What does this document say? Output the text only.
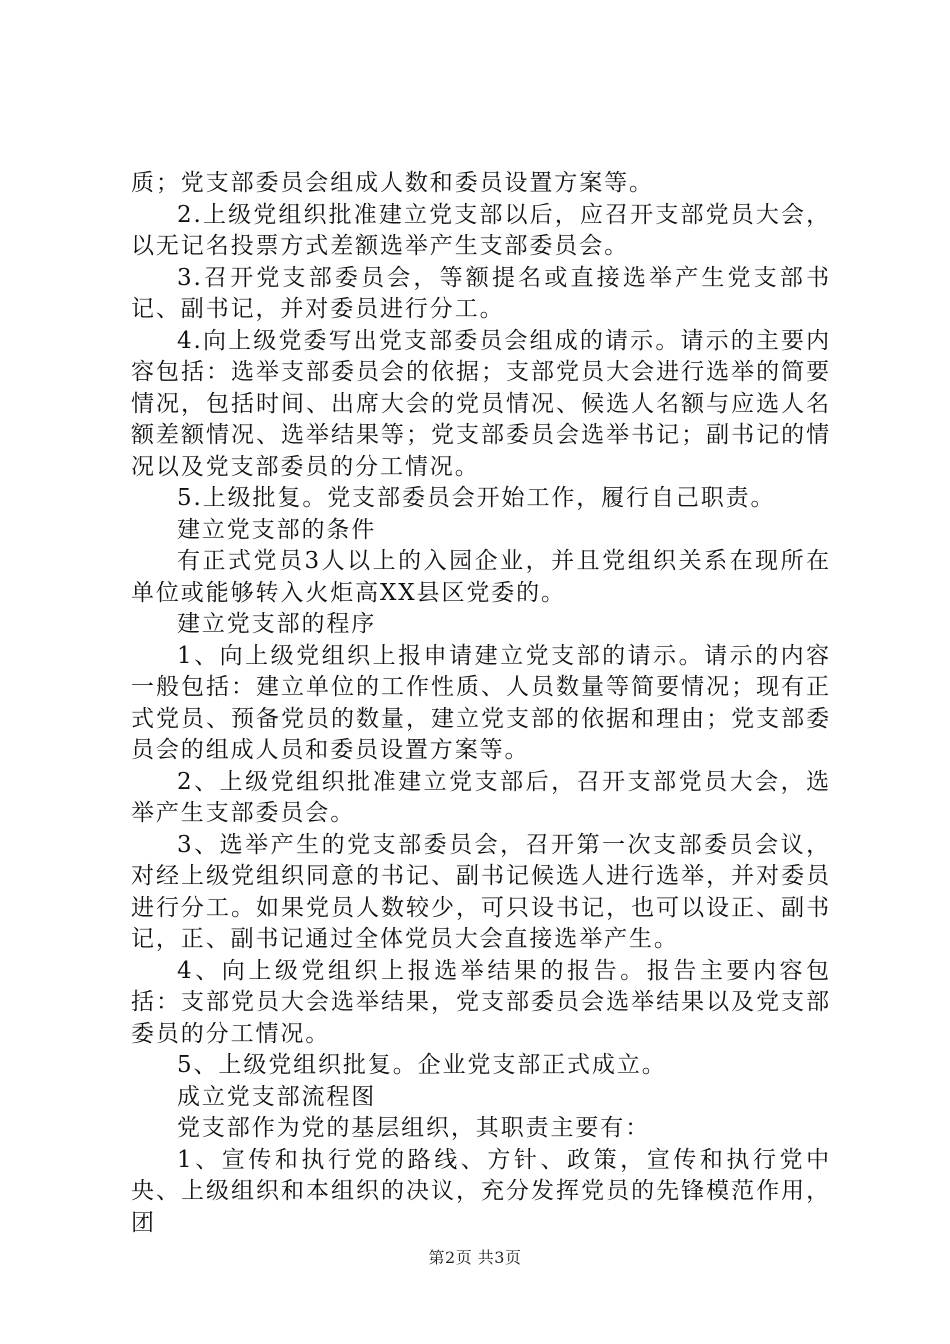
质；党支部委员会组成人数和委员设置方案等。

2.上级党组织批准建立党支部以后，应召开支部党员大会，以无记名投票方式差额选举产生支部委员会。

3.召开党支部委员会，等额提名或直接选举产生党支部书记、副书记，并对委员进行分工。

4.向上级党委写出党支部委员会组成的请示。请示的主要内容包括：选举支部委员会的依据；支部党员大会进行选举的简要情况，包括时间、出席大会的党员情况、候选人名额与应选人名额差额情况、选举结果等；党支部委员会选举书记；副书记的情况以及党支部委员的分工情况。

5.上级批复。党支部委员会开始工作，履行自己职责。

建立党支部的条件

有正式党员3人以上的入园企业，并且党组织关系在现所在单位或能够转入火炬高XX县区党委的。

建立党支部的程序

1、向上级党组织上报申请建立党支部的请示。请示的内容一般包括：建立单位的工作性质、人员数量等简要情况；现有正式党员、预备党员的数量，建立党支部的依据和理由；党支部委员会的组成人员和委员设置方案等。

2、上级党组织批准建立党支部后，召开支部党员大会，选举产生支部委员会。

3、选举产生的党支部委员会，召开第一次支部委员会议，对经上级党组织同意的书记、副书记候选人进行选举，并对委员进行分工。如果党员人数较少，可只设书记，也可以设正、副书记，正、副书记通过全体党员大会直接选举产生。

4、向上级党组织上报选举结果的报告。报告主要内容包括：支部党员大会选举结果，党支部委员会选举结果以及党支部委员的分工情况。

5、上级党组织批复。企业党支部正式成立。

成立党支部流程图

党支部作为党的基层组织，其职责主要有：

1、宣传和执行党的路线、方针、政策，宣传和执行党中央、上级组织和本组织的决议，充分发挥党员的先锋模范作用，团

第2页 共3页
